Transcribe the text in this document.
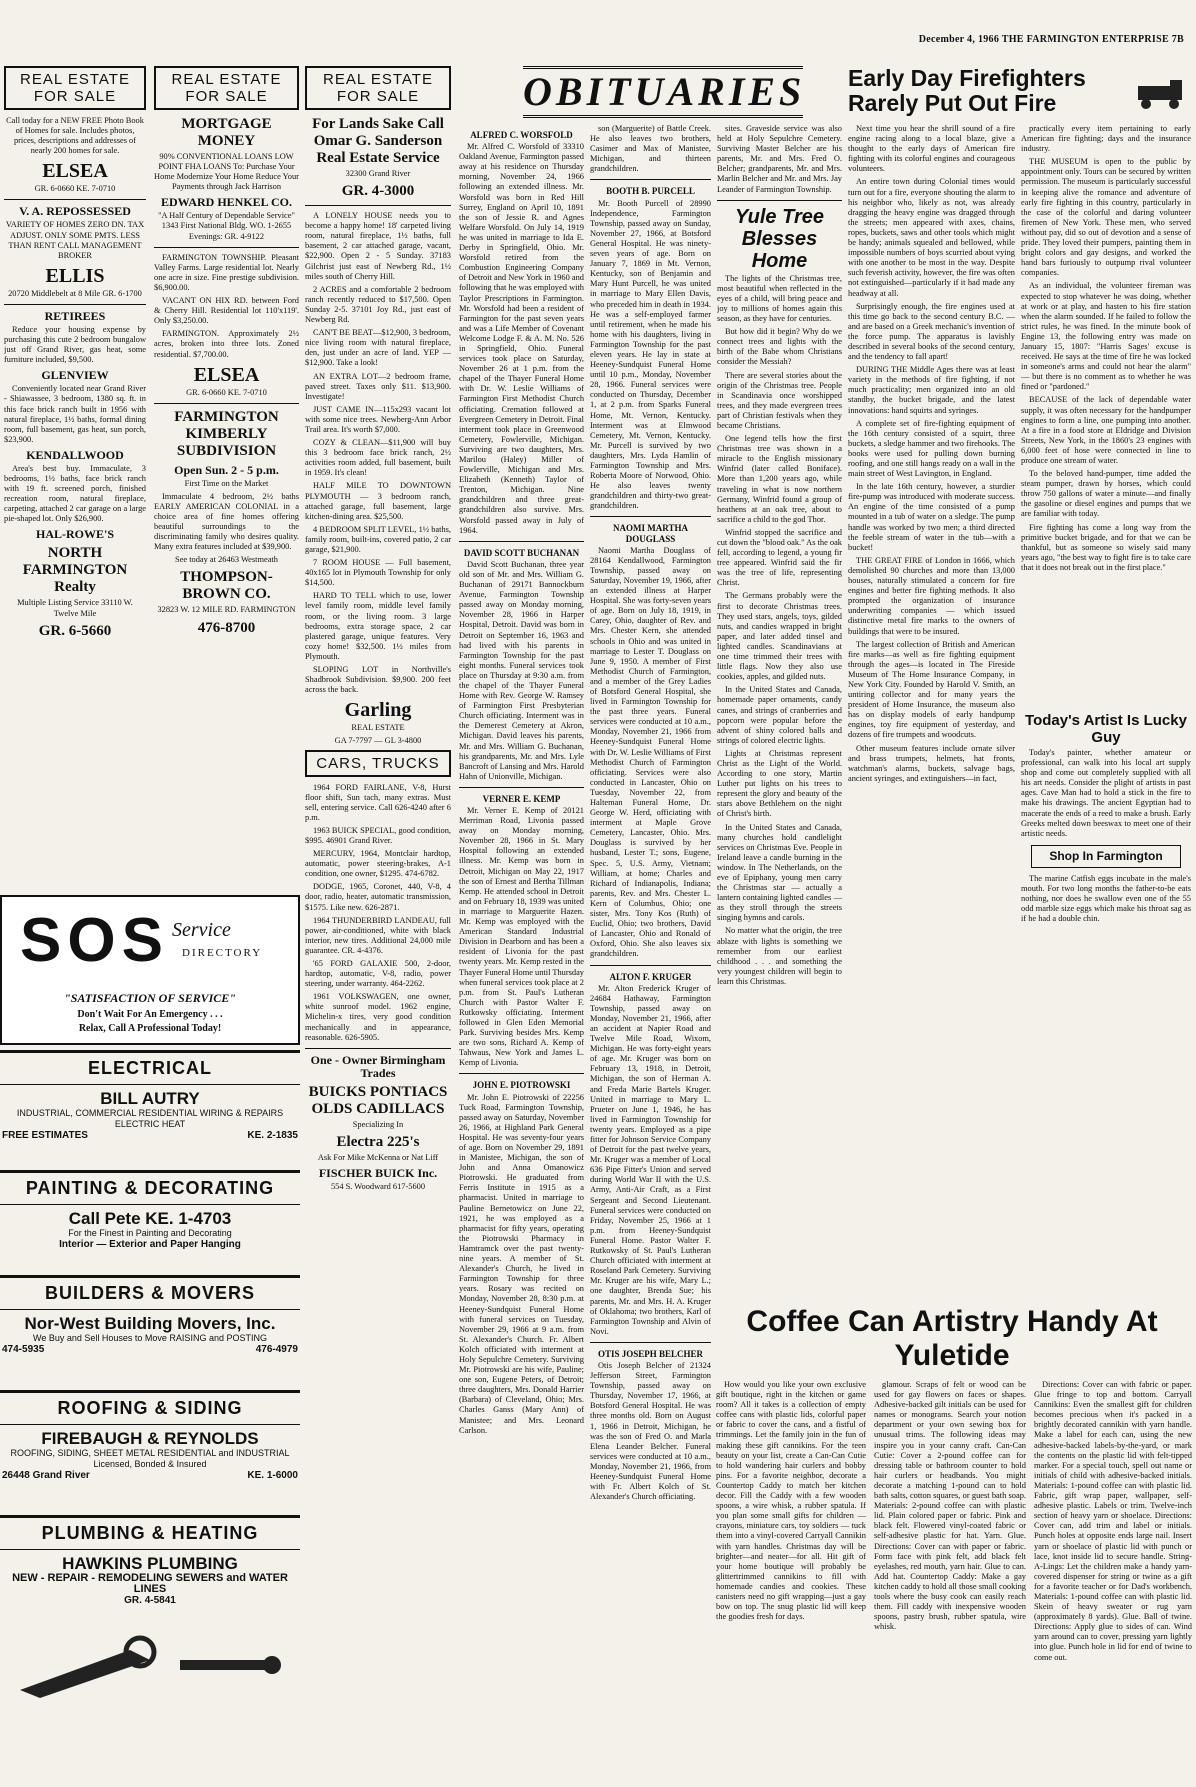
December 4, 1966 THE FARMINGTON ENTERPRISE 7B
REAL ESTATE FOR SALE

Call today for a NEW FREE Photo Book of Homes for sale. Includes photos, prices, descriptions and addresses of nearly 200 homes for sale.

ELSEA

GR. 6-0660 KE. 7-0710

V. A. REPOSSESSED

VARIETY OF HOMES ZERO DN. TAX ADJUST. ONLY SOME PMTS. LESS THAN RENT CALL MANAGEMENT BROKER

ELLIS

20720 Middlebelt at 8 Mile GR. 6-1700

RETIREES

Reduce your housing expense by purchasing this cute 2 bedroom bungalow just off Grand River, gas heat, some furniture included, $9,500.

GLENVIEW

Conveniently located near Grand River - Shiawassee, 3 bedroom, 1380 sq. ft. in this face brick ranch built in 1956 with natural fireplace, 1½ baths, formal dining room, full basement, gas heat, sun porch, $23,900.

KENDALLWOOD

Area's best buy. Immaculate, 3 bedrooms, 1½ baths, face brick ranch with 19 ft. screened porch, finished recreation room, natural fireplace, carpeting, attached 2 car garage on a large pie-shaped lot. Only $26,900.

HAL-ROWE'S
NORTH FARMINGTON Realty

Multiple Listing Service 33110 W. Twelve Mile

GR. 6-5660
REAL ESTATE FOR SALE
MORTGAGE MONEY

90% CONVENTIONAL LOANS LOW POINT FHA LOANS To: Purchase Your Home Modernize Your Home Reduce Your Payments through Jack Harrison

EDWARD HENKEL CO.

"A Half Century of Dependable Service" 1343 First National Bldg. WO. 1-2655 Evenings: GR. 4-9122

FARMINGTON TOWNSHIP. Pleasant Valley Farms. Large residential lot. Nearly one acre in size. Fine prestige subdivision. $6,900.00.

VACANT ON HIX RD. between Ford & Cherry Hill. Residential lot 110'x119'. Only $3,250.00.

FARMINGTON. Approximately 2½ acres, broken into three lots. Zoned residential. $7,700.00.

ELSEA

GR. 6-0660 KE. 7-0710

FARMINGTON KIMBERLY SUBDIVISION
Open Sun. 2 - 5 p.m.

First Time on the Market

Immaculate 4 bedroom, 2½ baths EARLY AMERICAN COLONIAL in a choice area of fine homes offering beautiful surroundings to the discriminating family who desires quality. Many extra features included at $39,900.

See today at 26463 Westmeath

THOMPSON-BROWN CO.

32823 W. 12 MILE RD. FARMINGTON

476-8700
REAL ESTATE FOR SALE
For Lands Sake Call Omar G. Sanderson Real Estate Service

32300 Grand River

GR. 4-3000

A LONELY HOUSE needs you to become a happy home! 18' carpeted living room, natural fireplace, 1½ baths, full basement, 2 car attached garage, vacant, $22,900. Open 2 - 5 Sunday. 37183 Gilchrist just east of Newberg Rd., 1½ miles south of Cherry Hill.

2 ACRES and a comfortable 2 bedroom ranch recently reduced to $17,500. Open Sunday 2-5. 37101 Joy Rd., just east of Newberg Rd.

CAN'T BE BEAT—$12,900, 3 bedroom, nice living room with natural fireplace, den, just under an acre of land. YEP — $12,900. Take a look!

AN EXTRA LOT—2 bedroom frame, paved street. Taxes only $11. $13,900. Investigate!

JUST CAME IN—115x293 vacant lot with some nice trees. Newberg-Ann Arbor Trail area. It's worth $7,000.

COZY & CLEAN—$11,900 will buy this 3 bedroom face brick ranch, 2½ activities room added, full basement, built in 1959. It's clean!

HALF MILE TO DOWNTOWN PLYMOUTH — 3 bedroom ranch, attached garage, full basement, large kitchen-dining area. $25,500.

4 BEDROOM SPLIT LEVEL, 1½ baths, family room, built-ins, covered patio, 2 car garage, $21,900.

7 ROOM HOUSE — Full basement, 40x165 lot in Plymouth Township for only $14,500.

HARD TO TELL which to use, lower level family room, middle level family room, or the living room. 3 large bedrooms, extra storage space, 2 car plastered garage, unique features. Very cozy home! $32,500. 1½ miles from Plymouth.

SLOPING LOT in Northville's Shadbrook Subdivision. $9,900. 200 feet across the back.

Garling

REAL ESTATE

GA 7-7797 — GL 3-4800

CARS, TRUCKS

1964 FORD FAIRLANE, V-8, Hurst floor shift, Sun tach, many extras. Must sell, entering service. Call 626-4240 after 6 p.m.

1963 BUICK SPECIAL, good condition, $995. 46901 Grand River.

MERCURY, 1964, Montclair hardtop, automatic, power steering-brakes, A-1 condition, one owner, $1295. 474-6782.

DODGE, 1965, Coronet, 440, V-8, 4 door, radio, heater, automatic transmission, $1575. Like new. 626-2871.

1964 THUNDERBIRD LANDEAU, full power, air-conditioned, white with black interior, new tires. Additional 24,000 mile guarantee. CR. 4-4376.

'65 FORD GALAXIE 500, 2-door, hardtop, automatic, V-8, radio, power steering, under warranty. 464-2262.

1961 VOLKSWAGEN, one owner, white sunroof model. 1962 engine, Michelin-x tires, very good condition mechanically and in appearance, reasonable. 626-5905.

One - Owner Birmingham Trades
BUICKS PONTIACS OLDS CADILLACS

Specializing In

Electra 225's

Ask For Mike McKenna or Nat Liff

FISCHER BUICK Inc.

554 S. Woodward 617-5600

SOS Service
DIRECTORY
"SATISFACTION OF SERVICE"
Don't Wait For An Emergency . . .
Relax, Call A Professional Today!
ELECTRICAL
BILL AUTRY
INDUSTRIAL, COMMERCIAL RESIDENTIAL WIRING & REPAIRS ELECTRIC HEAT
FREE ESTIMATES	KE. 2-1835
PAINTING & DECORATING
Call Pete KE. 1-4703
For the Finest in Painting and Decorating
Interior — Exterior and Paper Hanging
BUILDERS & MOVERS
Nor-West Building Movers, Inc.
We Buy and Sell Houses to Move RAISING and POSTING
474-5935	476-4979
ROOFING & SIDING
FIREBAUGH & REYNOLDS
ROOFING, SIDING, SHEET METAL RESIDENTIAL and INDUSTRIAL Licensed, Bonded & Insured
26448 Grand River	KE. 1-6000
PLUMBING & HEATING
HAWKINS PLUMBING
NEW - REPAIR - REMODELING SEWERS and WATER LINES
GR. 4-5841
OBITUARIES
ALFRED C. WORSFOLD

Mr. Alfred C. Worsfold of 33310 Oakland Avenue, Farmington passed away at his residence on Thursday morning, November 24, 1966 following an extended illness. Mr. Worsfold was born in Red Hill Surrey, England on April 10, 1891 the son of Jessie R. and Agnes Welfare Worsfold. On July 14, 1919 he was united in marriage to Ida E. Derby in Springfield, Ohio. Mr. Worsfold retired from the Combustion Engineering Company of Detroit and New York in 1960 and following that he was employed with Taylor Prescriptions in Farmington. Mr. Worsfold had been a resident of Farmington for the past seven years and was a Life Member of Covenant Welcome Lodge F. & A. M. No. 526 in Springfield, Ohio. Funeral services took place on Saturday, November 26 at 1 p.m. from the chapel of the Thayer Funeral Home with Dr. W. Leslie Williams of Farmington First Methodist Church officiating. Cremation followed at Evergreen Cemetery in Detroit. Final interment took place in Greenwood Cemetery, Fowlerville, Michigan. Surviving are two daughters, Mrs. Marilou (Haley) Miller of Fowlerville, Michigan and Mrs. Elizabeth (Kenneth) Taylor of Trenton, Michigan. Nine grandchildren and three great-grandchildren also survive. Mrs. Worsfold passed away in July of 1964.

DAVID SCOTT BUCHANAN

David Scott Buchanan, three year old son of Mr. and Mrs. William G. Buchanan of 29171 Bannockburn Avenue, Farmington Township passed away on Monday morning, November 28, 1966 in Harper Hospital, Detroit. David was born in Detroit on September 16, 1963 and had lived with his parents in Farmington Township for the past eight months. Funeral services took place on Thursday at 9:30 a.m. from the chapel of the Thayer Funeral Home with Rev. George W. Ramsey of Farmington First Presbyterian Church officiating. Interment was in the Demerest Cemetery at Akron, Michigan. David leaves his parents, Mr. and Mrs. William G. Buchanan, his grandparents, Mr. and Mrs. Lyle Bancroft of Lansing and Mrs. Harold Hahn of Unionville, Michigan.

VERNER E. KEMP

Mr. Verner E. Kemp of 20121 Merriman Road, Livonia passed away on Monday morning, November 28, 1966 in St. Mary Hospital following an extended illness. Mr. Kemp was born in Detroit, Michigan on May 22, 1917 the son of Ernest and Bertha Tillman Kemp. He attended school in Detroit and on February 18, 1939 was united in marriage to Marguerite Hazen. Mr. Kemp was employed with the American Standard Industrial Division in Dearborn and has been a resident of Livonia for the past twenty years. Mr. Kemp rested in the Thayer Funeral Home until Thursday when funeral services took place at 2 p.m. from St. Paul's Lutheran Church with Pastor Walter F. Rutkowsky officiating. Interment followed in Glen Eden Memorial Park. Surviving besides Mrs. Kemp are two sons, Richard A. Kemp of Tahwaus, New York and James L. Kemp of Livonia.

JOHN E. PIOTROWSKI

Mr. John E. Piotrowski of 22256 Tuck Road, Farmington Township, passed away on Saturday, November 26, 1966, at Highland Park General Hospital. He was seventy-four years of age. Born on November 29, 1891 in Manistee, Michigan, the son of John and Anna Omanowicz Piotrowski. He graduated from Ferris Institute in 1915 as a pharmacist. United in marriage to Pauline Bernetowicz on June 22, 1921, he was employed as a pharmacist for fifty years, operating the Piotrowski Pharmacy in Hamtramck over the past twenty-nine years. A member of St. Alexander's Church, he lived in Farmington Township for three years. Rosary was recited on Monday, November 28, 8:30 p.m. at Heeney-Sundquist Funeral Home with funeral services on Tuesday, November 29, 1966 at 9 a.m. from St. Alexander's Church. Fr. Albert Kolch officiated with interment at Holy Sepulchre Cemetery. Surviving Mr. Piotrowski are his wife, Pauline; one son, Eugene Peters, of Detroit; three daughters, Mrs. Donald Harrier (Barbara) of Cleveland, Ohio; Mrs. Charles Ganss (Mary Ann) of Manistee; and Mrs. Leonard Carlson.

son (Marguerite) of Battle Creek. He also leaves two brothers, Casimer and Max of Manistee, Michigan, and thirteen grandchildren.

BOOTH B. PURCELL

Mr. Booth Purcell of 28990 Independence, Farmington Township, passed away on Sunday, November 27, 1966, at Botsford General Hospital. He was ninety-seven years of age. Born on January 7, 1869 in Mt. Vernon, Kentucky, son of Benjamin and Mary Hunt Purcell, he was united in marriage to Mary Ellen Davis, who preceded him in death in 1934. He was a self-employed farmer until retirement, when he made his home with his daughters, living in Farmington Township for the past eleven years. He lay in state at Heeney-Sundquist Funeral Home until 10 p.m., Monday, November 28, 1966. Funeral services were conducted on Thursday, December 1, at 2 p.m. from Sparks Funeral Home, Mt. Vernon, Kentucky. Interment was at Elmwood Cemetery, Mt. Vernon, Kentucky. Mr. Purcell is survived by two daughters, Mrs. Lyda Hamlin of Farmington Township and Mrs. Roberta Moore of Norwood, Ohio. He also leaves twenty grandchildren and thirty-two great-grandchildren.

NAOMI MARTHA DOUGLASS

Naomi Martha Douglass of 28164 Kendallwood, Farmington Township, passed away on Saturday, November 19, 1966, after an extended illness at Harper Hospital. She was forty-seven years of age. Born on July 18, 1919, in Carey, Ohio, daughter of Rev. and Mrs. Chester Kern, she attended schools in Ohio and was united in marriage to Lester T. Douglass on June 9, 1950. A member of First Methodist Church of Farmington, and a member of the Grey Ladies of Botsford General Hospital, she lived in Farmington Township for the past three years. Funeral services were conducted at 10 a.m., Monday, November 21, 1966 from Heeney-Sundquist Funeral Home with Dr. W. Leslie Williams of First Methodist Church of Farmington officiating. Services were also conducted in Lancaster, Ohio on Tuesday, November 22, from Halteman Funeral Home, Dr. George W. Herd, officiating with interment at Maple Grove Cemetery, Lancaster, Ohio. Mrs. Douglass is survived by her husband, Lester T.; sons, Eugene, Spec. 5, U.S. Army, Vietnam; William, at home; Charles and Richard of Indianapolis, Indiana; parents, Rev. and Mrs. Chester L. Kern of Columbus, Ohio; one sister, Mrs. Tony Kos (Ruth) of Euclid, Ohio; two brothers, David of Lancaster, Ohio and Ronald of Oxford, Ohio. She also leaves six grandchildren.

ALTON F. KRUGER

Mr. Alton Frederick Kruger of 24684 Hathaway, Farmington Township, passed away on Monday, November 21, 1966, after an accident at Napier Road and Twelve Mile Road, Wixom, Michigan. He was forty-eight years of age. Mr. Kruger was born on February 13, 1918, in Detroit, Michigan, the son of Herman A. and Freda Marie Bartels Kruger. United in marriage to Mary L. Prueter on June 1, 1946, he has lived in Farmington Township for twenty years. Employed as a pipe fitter for Johnson Service Company of Detroit for the past twelve years, Mr. Kruger was a member of Local 636 Pipe Fitter's Union and served during World War II with the U.S. Army, Anti-Air Craft, as a First Sergeant and Second Lieutenant. Funeral services were conducted on Friday, November 25, 1966 at 1 p.m. from Heeney-Sundquist Funeral Home. Pastor Walter F. Rutkowsky of St. Paul's Lutheran Church officiated with interment at Roseland Park Cemetery. Surviving Mr. Kruger are his wife, Mary L.; one daughter, Brenda Sue; his parents, Mr. and Mrs. H. A. Kruger of Oklahoma; two brothers, Karl of Farmington Township and Alvin of Novi.

OTIS JOSEPH BELCHER

Otis Joseph Belcher of 21324 Jefferson Street, Farmington Township, passed away on Thursday, November 17, 1966, at Botsford General Hospital. He was three months old. Born on August 1, 1966 in Detroit, Michigan, he was the son of Fred O. and Marla Elena Leander Belcher. Funeral services were conducted at 10 a.m., Monday, November 21, 1966, from Heeney-Sundquist Funeral Home with Fr. Albert Kolch of St. Alexander's Church officiating.

sites. Graveside service was also held at Holy Sepulchre Cemetery. Surviving Master Belcher are his parents, Mr. and Mrs. Fred O. Belcher; grandparents, Mr. and Mrs. Marlin Belcher and Mr. and Mrs. Jay Leander of Farmington Township.

Yule Tree Blesses Home

The lights of the Christmas tree, most beautiful when reflected in the eyes of a child, will bring peace and joy to millions of homes again this season, as they have for centuries.

But how did it begin? Why do we connect trees and lights with the birth of the Babe whom Christians consider the Messiah?

There are several stories about the origin of the Christmas tree. People in Scandinavia once worshipped trees, and they made evergreen trees part of Christian festivals when they became Christians.

One legend tells how the first Christmas tree was shown in a miracle to the English missionary Winfrid (later called Boniface). More than 1,200 years ago, while traveling in what is now northern Germany, Winfrid found a group of heathens at an oak tree, about to sacrifice a child to the god Thor.

Winfrid stopped the sacrifice and cut down the "blood oak." As the oak fell, according to legend, a young fir tree appeared. Winfrid said the fir was the tree of life, representing Christ.

The Germans probably were the first to decorate Christmas trees. They used stars, angels, toys, gilded nuts, and candies wrapped in bright paper, and later added tinsel and lighted candles. Scandinavians at one time trimmed their trees with little flags. Now they also use cookies, apples, and gilded nuts.

In the United States and Canada, homemade paper ornaments, candy canes, and strings of cranberries and popcorn were popular before the advent of shiny colored balls and strings of colored electric lights.

Lights at Christmas represent Christ as the Light of the World. According to one story, Martin Luther put lights on his trees to represent the glory and beauty of the stars above Bethlehem on the night of Christ's birth.

In the United States and Canada, many churches hold candlelight services on Christmas Eve. People in Ireland leave a candle burning in the window. In The Netherlands, on the eve of Epiphany, young men carry the Christmas star — actually a lantern containing lighted candles — as they stroll through the streets singing hymns and carols.

No matter what the origin, the tree ablaze with lights is something we remember from our earliest childhood . . . and something the very youngest children will begin to learn this Christmas.

Early Day Firefighters Rarely Put Out Fire

Next time you hear the shrill sound of a fire engine racing along to a local blaze, give a thought to the early days of American fire fighting with its colorful engines and courageous volunteers.

An entire town during Colonial times would turn out for a fire, everyone shouting the alarm to his neighbor who, likely as not, was already dragging the heavy engine was dragged through the streets; men appeared with axes, chains, ropes, buckets, saws and other tools which might be handy; animals squealed and bellowed, while impossible numbers of boys scurried about vying with one another to be most in the way. Despite such feverish activity, however, the fire was often not extinguished—particularly if it had made any headway at all.

Surprisingly enough, the fire engines used at this time go back to the second century B.C. — and are based on a Greek mechanic's invention of the force pump. The apparatus is lavishly described in several books of the second century, and the tendency to fall apart!

DURING THE Middle Ages there was at least variety in the methods of fire fighting, if not much practicality; men organized into an old standby, the bucket brigade, and the latest innovations: hand squirts and syringes.

A complete set of fire-fighting equipment of the 16th century consisted of a squirt, three buckets, a sledge hammer and two firehooks. The books were used for pulling down burning roofing, and one still hangs ready on a wall in the main street of West Lavington, in England.

In the late 16th century, however, a sturdier fire-pump was introduced with moderate success. An engine of the time consisted of a pump mounted in a tub of water on a sledge. The pump handle was worked by two men; a third directed the feeble stream of water in the tub—with a bucket!

THE GREAT FIRE of London in 1666, which demolished 90 churches and more than 13,000 houses, naturally stimulated a concern for fire engines and better fire fighting methods. It also prompted the organization of insurance underwriting companies — which issued distinctive metal fire marks to the owners of buildings that were to be insured.

The largest collection of British and American fire marks—as well as fire fighting equipment through the ages—is located in The Fireside Museum of The Home Insurance Company, in New York City. Founded by Harold V. Smith, an untiring collector and for many years the president of Home Insurance, the museum also has on display models of early handpump engines, toy fire equipment of yesterday, and dozens of fire trumpets and woodcuts.

Other museum features include ornate silver and brass trumpets, helmets, hat fronts, watchman's alarms, buckets, salvage bags, ancient syringes, and extinguishers—in fact,

practically every item pertaining to early American fire fighting; days and the insurance industry.

THE MUSEUM is open to the public by appointment only. Tours can be secured by written permission. The museum is particularly successful in keeping alive the romance and adventure of early fire fighting in this country, particularly in the case of the colorful and daring volunteer firemen of New York. These men, who served without pay, did so out of devotion and a sense of pride. They loved their pumpers, painting them in bright colors and gay designs, and worked the hand bars furiously to outpump rival volunteer companies.

As an individual, the volunteer fireman was expected to stop whatever he was doing, whether at work or at play, and hasten to his fire station when the alarm sounded. If he failed to follow the strict rules, he was fined. In the minute book of Engine 13, the following entry was made on January 15, 1807: "Harris Sages' excuse is received. He says at the time of fire he was locked in someone's arms and could not hear the alarm" — but there is no comment as to whether he was fined or "pardoned."

BECAUSE of the lack of dependable water supply, it was often necessary for the handpumper engines to form a line, one pumping into another. At a fire in a food store at Eldridge and Division Streets, New York, in the 1860's 23 engines with 6,000 feet of hose were connected in line to produce one stream of water.

To the beloved hand-pumper, time added the steam pumper, drawn by horses, which could throw 750 gallons of water a minute—and finally the gasoline or diesel engines and pumps that we are familiar with today.

Fire fighting has come a long way from the primitive bucket brigade, and for that we can be thankful, but as someone so wisely said many years ago, "the best way to fight fire is to take care that it does not break out in the first place."

Today's Artist Is Lucky Guy

Today's painter, whether amateur or professional, can walk into his local art supply shop and come out completely supplied with all his art needs. Consider the plight of artists in past ages. Cave Man had to hold a stick in the fire to make his drawings. The ancient Egyptian had to macerate the ends of a reed to make a brush. Early Greeks melted down beeswax to meet one of their artistic needs.

Shop In Farmington

The marine Catfish eggs incubate in the male's mouth. For two long months the father-to-be eats nothing, nor does he swallow even one of the 55 odd marble size eggs which make his throat sag as if he had a double chin.

Coffee Can Artistry Handy At Yuletide

How would you like your own exclusive gift boutique, right in the kitchen or game room? All it takes is a collection of empty coffee cans with plastic lids, colorful paper or fabric to cover the cans, and a fistful of trimmings. Let the family join in the fun of making these gift cannikins. For the teen beauty on your list, create a Can-Can Cutie to hold wandering hair curlers and bobby pins. For a favorite neighbor, decorate a Countertop Caddy to match her kitchen decor. Fill the Caddy with a few wooden spoons, a wire whisk, a rubber spatula. If you plan some small gifts for children — crayons, miniature cars, toy soldiers — tuck them into a vinyl-covered Carryall Cannikin with yarn handles. Christmas day will be brighter—and neater—for all. Hit gift of your home boutique will probably be glittertrimmed cannikins to fill with homemade candies and cookies. These canisters need no gift wrapping—just a gay bow on top. The snug plastic lid will keep the goodies fresh for days.

glamour. Scraps of felt or wood can be used for gay flowers on faces or shapes. Adhesive-backed gilt initials can be used for names or monograms. Search your notion department or your own sewing box for unusual trims. The following ideas may inspire you in your canny craft. Can-Can Cutie: Cover a 2-pound coffee can for dressing table or bathroom counter to hold hair curlers or headbands. You might decorate a matching 1-pound can to hold bath salts, cotton squares, or guest bath soap. Materials: 2-pound coffee can with plastic lid. Plain colored paper or fabric. Pink and black felt. Flowered vinyl-coated fabric or self-adhesive plastic for hat. Yarn. Glue. Directions: Cover can with paper or fabric. Form face with pink felt, add black felt eyelashes, red mouth, yarn hair. Glue to can. Add hat. Countertop Caddy: Make a gay kitchen caddy to hold all those small cooking tools where the busy cook can easily reach them. Fill caddy with inexpensive wooden spoons, pastry brush, rubber spatula, wire whisk.

Directions: Cover can with fabric or paper. Glue fringe to top and bottom. Carryall Cannikins: Even the smallest gift for children becomes precious when it's packed in a brightly decorated cannikin with yarn handle. Make a label for each can, using the new adhesive-backed labels-by-the-yard, or mark the contents on the plastic lid with felt-tipped marker. For a special touch, spell out name or initials of child with adhesive-backed initials. Materials: 1-pound coffee can with plastic lid. Fabric, gift wrap paper, wallpaper, self-adhesive plastic. Labels or trim. Twelve-inch section of heavy yarn or shoelace. Directions: Cover can, add trim and label or initials. Punch holes at opposite ends large nail. Insert yarn or shoelace of plastic lid with punch or lace, knot inside lid to secure handle. String-A-Lings: Let the children make a handy yarn-covered dispenser for string or twine as a gift for a favorite teacher or for Dad's workbench. Materials: 1-pound coffee can with plastic lid. Skein of heavy sweater or rug yarn (approximately 8 yards). Glue. Ball of twine. Directions: Apply glue to sides of can. Wind yarn around can to cover, pressing yarn lightly into glue. Punch hole in lid for end of twine to come out.
